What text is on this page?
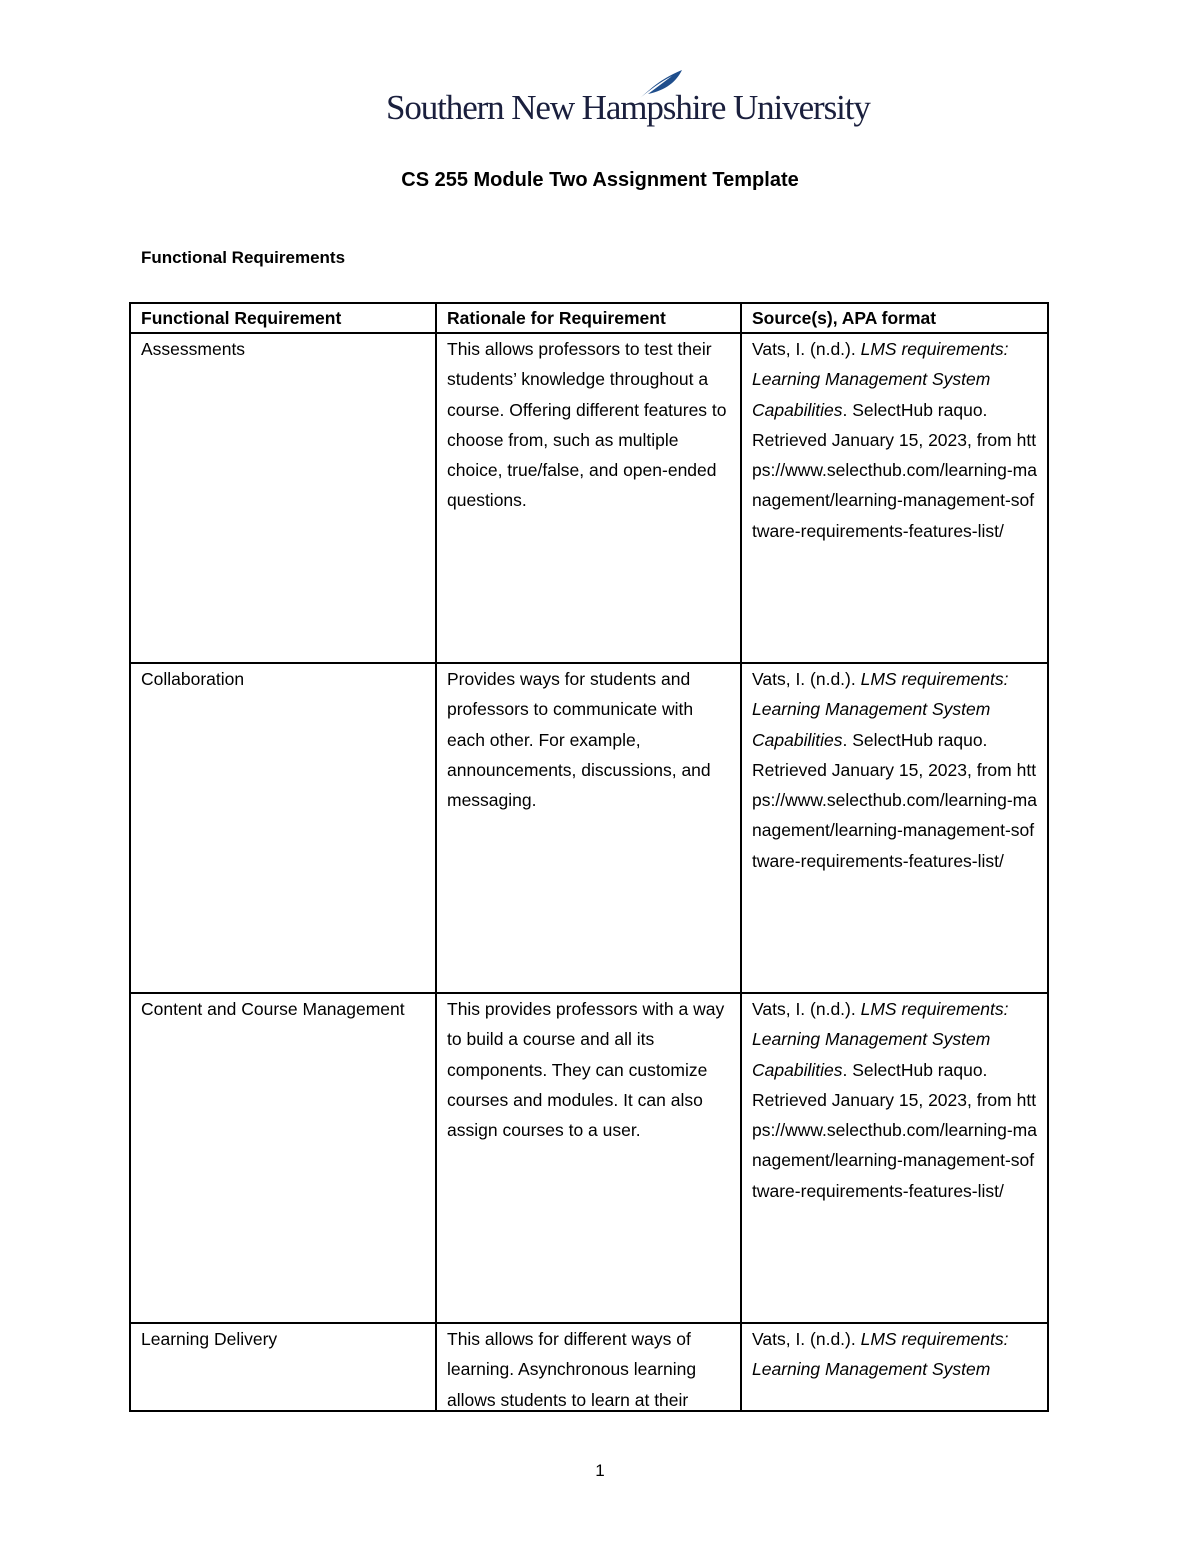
Southern New Hampshire University
CS 255 Module Two Assignment Template
Functional Requirements
Functional Requirement	Rationale for Requirement	Source(s), APA format
Assessments	This allows professors to test their students’ knowledge throughout a course. Offering different features to choose from, such as multiple choice, true/false, and open-ended questions.	Vats, I. (n.d.). LMS requirements: Learning Management System Capabilities. SelectHub raquo. Retrieved January 15, 2023, from https://www.selecthub.com/learning-management/learning-management-software-requirements-features-list/
Collaboration	Provides ways for students and professors to communicate with each other. For example, announcements, discussions, and messaging.	Vats, I. (n.d.). LMS requirements: Learning Management System Capabilities. SelectHub raquo. Retrieved January 15, 2023, from https://www.selecthub.com/learning-management/learning-management-software-requirements-features-list/
Content and Course Management	This provides professors with a way to build a course and all its components. They can customize courses and modules. It can also assign courses to a user.	Vats, I. (n.d.). LMS requirements: Learning Management System Capabilities. SelectHub raquo. Retrieved January 15, 2023, from https://www.selecthub.com/learning-management/learning-management-software-requirements-features-list/

Learning Delivery	This allows for different ways of learning. Asynchronous learning allows students to learn at their	Vats, I. (n.d.). LMS requirements: Learning Management System
1
